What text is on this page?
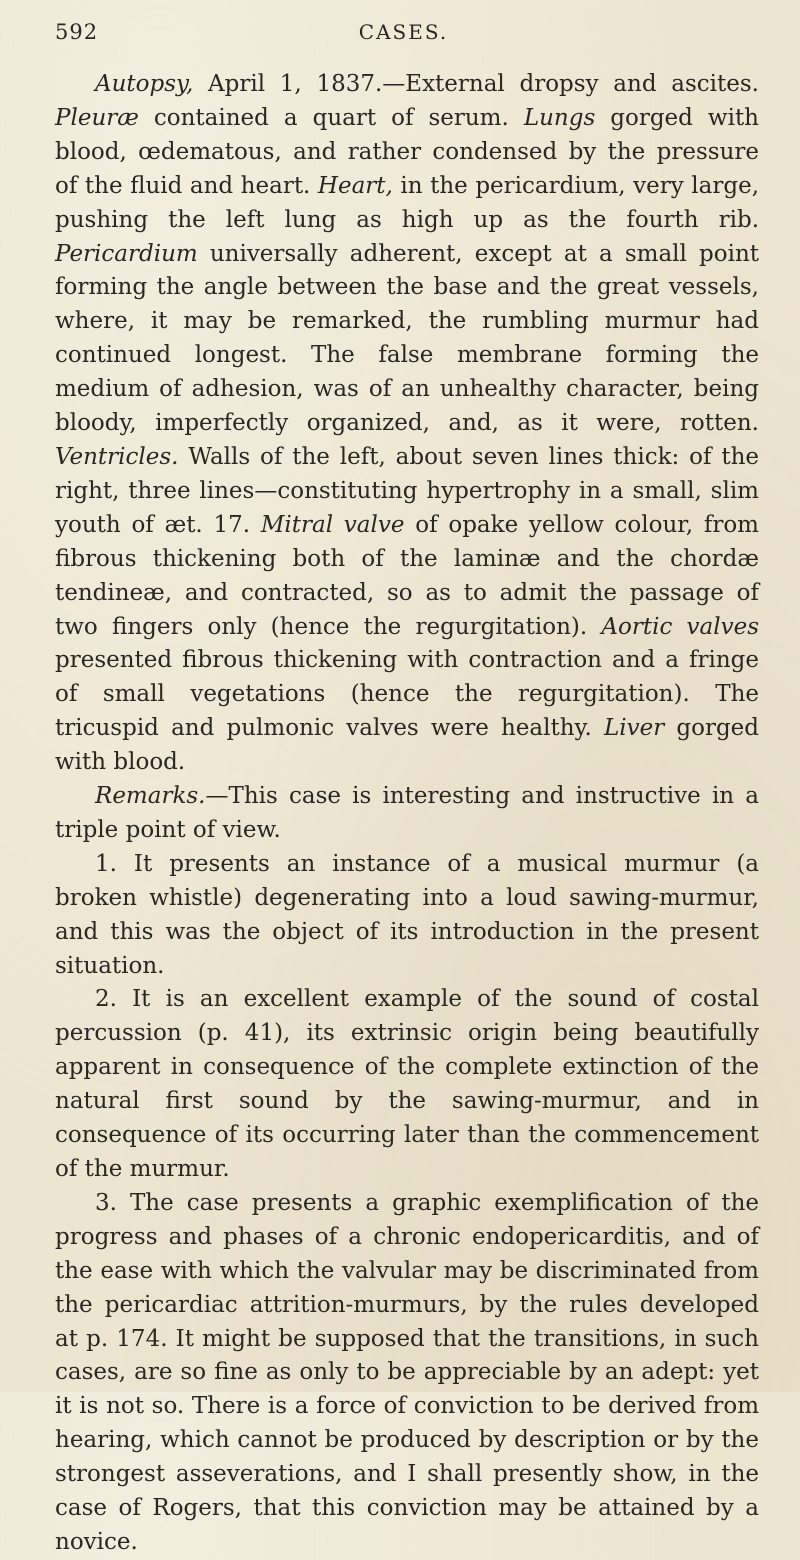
592	CASES.

Autopsy, April 1, 1837.—External dropsy and ascites. Pleuræ contained a quart of serum. Lungs gorged with blood, œdematous, and rather condensed by the pressure of the fluid and heart. Heart, in the pericardium, very large, pushing the left lung as high up as the fourth rib. Pericardium universally adherent, except at a small point forming the angle between the base and the great vessels, where, it may be remarked, the rumbling murmur had continued longest. The false membrane forming the medium of adhesion, was of an unhealthy character, being bloody, imperfectly organized, and, as it were, rotten. Ventricles. Walls of the left, about seven lines thick: of the right, three lines—constituting hypertrophy in a small, slim youth of æt. 17. Mitral valve of opake yellow colour, from fibrous thickening both of the laminæ and the chordæ tendineæ, and contracted, so as to admit the passage of two fingers only (hence the regurgitation). Aortic valves presented fibrous thickening with contraction and a fringe of small vegetations (hence the regurgitation). The tricuspid and pulmonic valves were healthy. Liver gorged with blood.

Remarks.—This case is interesting and instructive in a triple point of view.

1. It presents an instance of a musical murmur (a broken whistle) degenerating into a loud sawing-murmur, and this was the object of its introduction in the present situation.

2. It is an excellent example of the sound of costal percussion (p. 41), its extrinsic origin being beautifully apparent in consequence of the complete extinction of the natural first sound by the sawing-murmur, and in consequence of its occurring later than the commencement of the murmur.

3. The case presents a graphic exemplification of the progress and phases of a chronic endopericarditis, and of the ease with which the valvular may be discriminated from the pericardiac attrition-murmurs, by the rules developed at p. 174. It might be supposed that the transitions, in such cases, are so fine as only to be appreciable by an adept: yet it is not so. There is a force of conviction to be derived from hearing, which cannot be produced by description or by the strongest asseverations, and I shall presently show, in the case of Rogers, that this conviction may be attained by a novice.
